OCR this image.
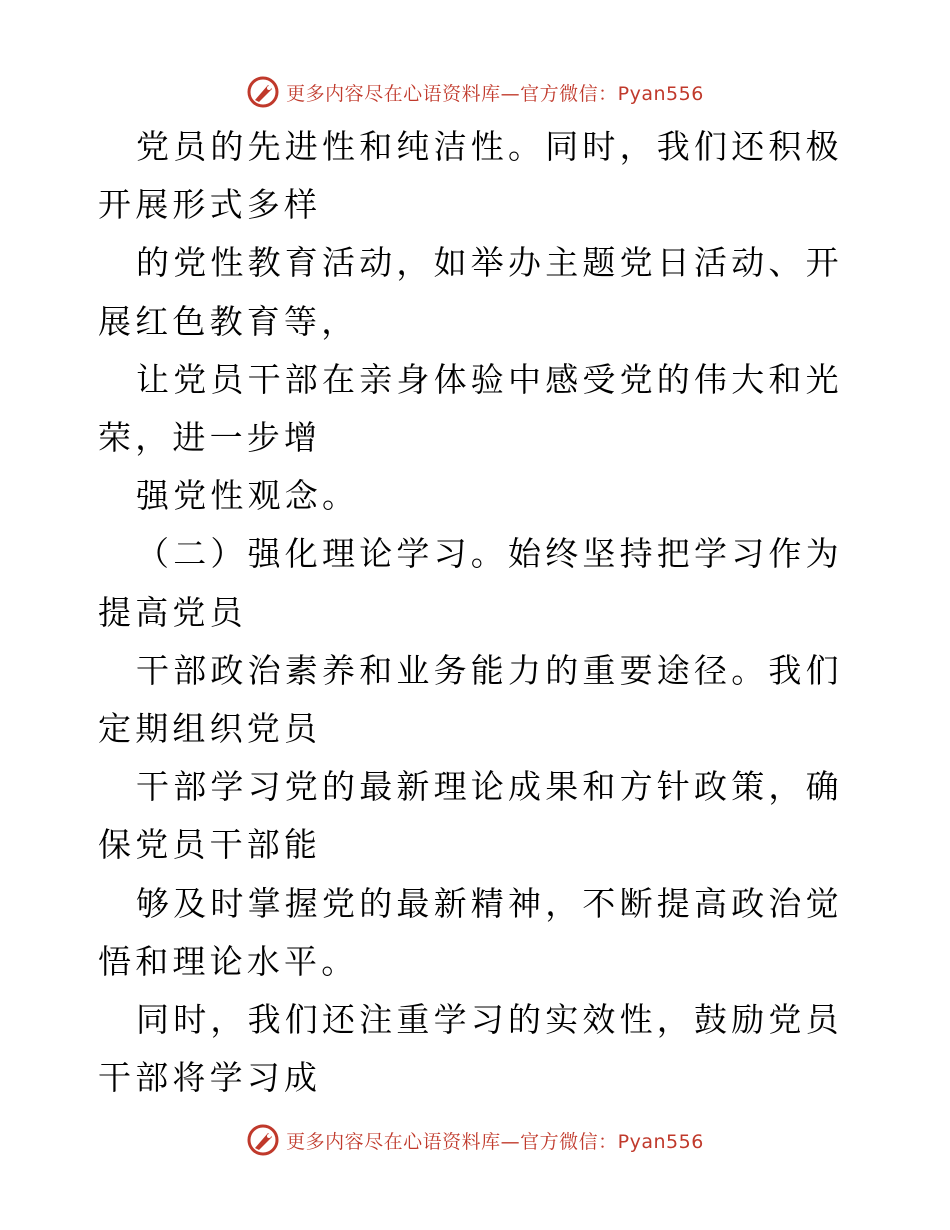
更多内容尽在心语资料库—官方微信：Pyan556

党员的先进性和纯洁性。同时，我们还积极开展形式多样

的党性教育活动，如举办主题党日活动、开展红色教育等，

让党员干部在亲身体验中感受党的伟大和光荣，进一步增

强党性观念。

（二）强化理论学习。始终坚持把学习作为提高党员

干部政治素养和业务能力的重要途径。我们定期组织党员

干部学习党的最新理论成果和方针政策，确保党员干部能

够及时掌握党的最新精神，不断提高政治觉悟和理论水平。

同时，我们还注重学习的实效性，鼓励党员干部将学习成

更多内容尽在心语资料库—官方微信：Pyan556
